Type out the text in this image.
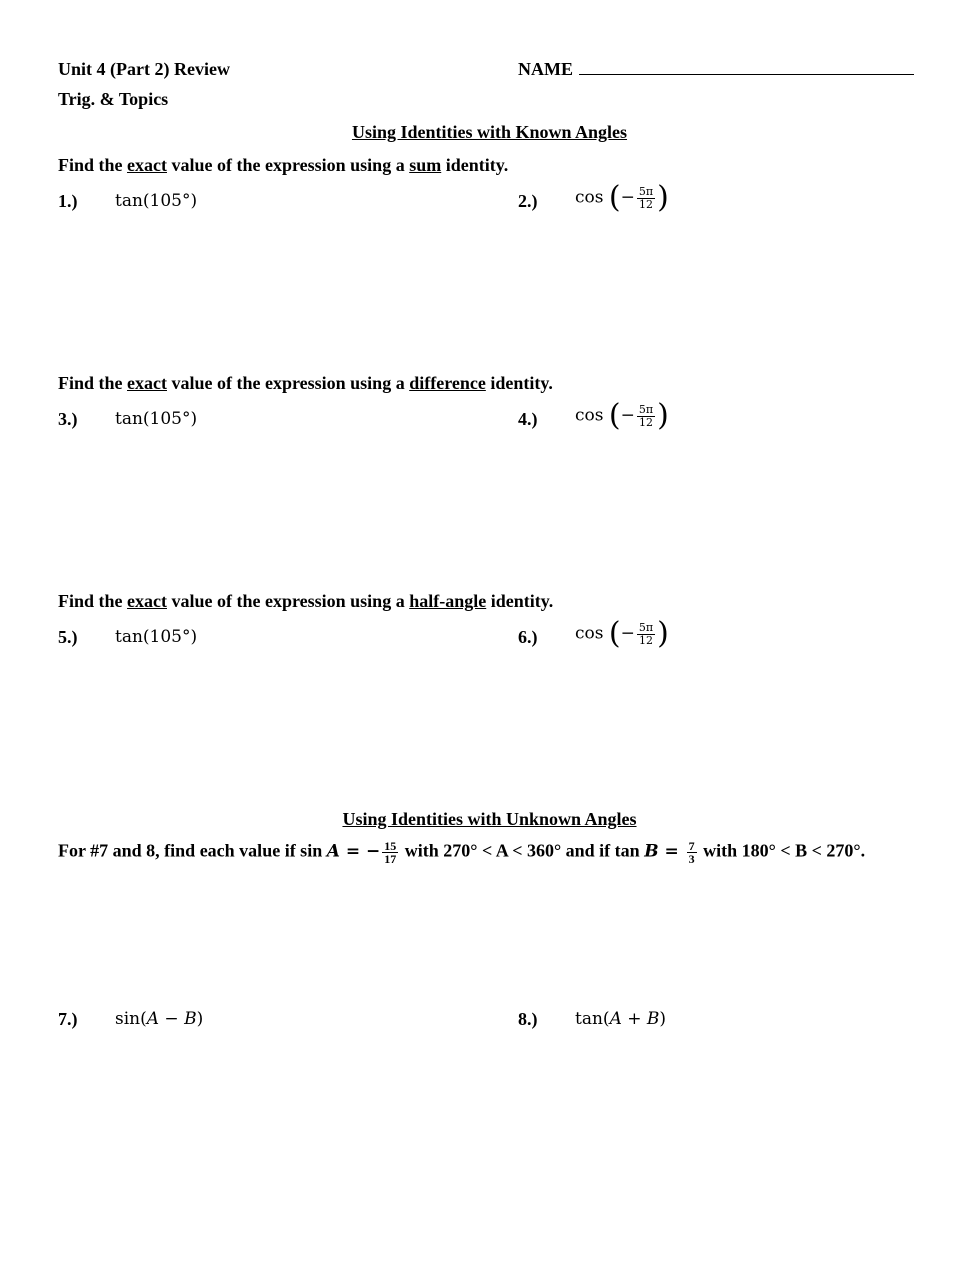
Unit 4 (Part 2) Review
Trig. & Topics
NAME
Using Identities with Known Angles
Find the exact value of the expression using a sum identity.
1.) tan(105°)	2.) cos (− $\frac{5\pi}{12}$ )
Find the exact value of the expression using a difference identity.
3.) tan(105°)	4.) cos (− $\frac{5\pi}{12}$ )
Find the exact value of the expression using a half-angle identity.
5.) tan(105°)	6.) cos (− $\frac{5\pi}{12}$ )
Using Identities with Unknown Angles
For #7 and 8, find each value if sin A = − $\frac{15}{17}$ with 270° < A < 360° and if $\tan B = \frac{7}{3}$ with 180° < B < 270°.
7.) sin(A − B)	8.) tan(A + B)
